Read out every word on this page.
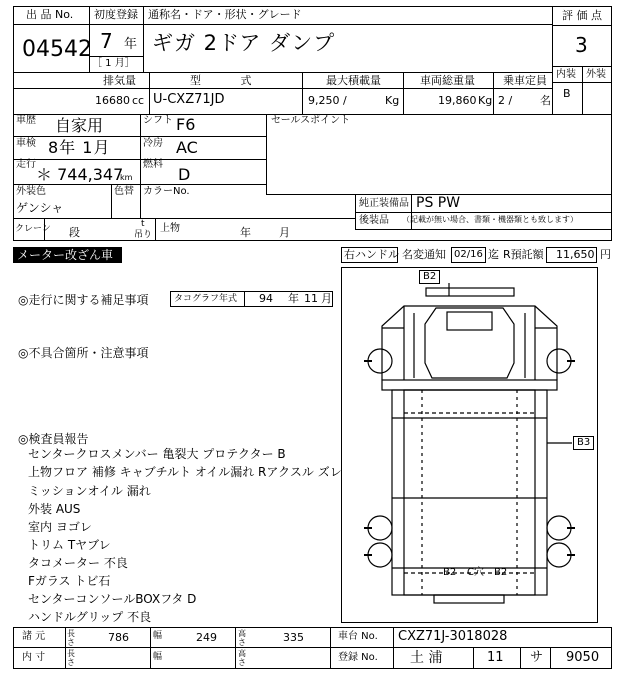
出 品 No.
04542
初度登録
7 年
［ 1 月］
通称名・ドア・形状・グレード
ギガ 2ドア ダンプ
評 価 点
3
内装 外装
B
排気量	型 式	最大積載量	車両総重量	乗車定員
16680 cc U-CXZ71JD	9,250 /	Kg	19,860 Kg 2 /	名
車歴 自家用	シフト F6
車検 8年 1月	冷房 AC
走行
＊ 744,347
km
燃料
D
外装色
ゲンシャ
色替 カラーNo.
セールスポイント
純正装備品 PS PW
後装品 （記載が無い場合、書類・機器類とも致します）
クレーン 段
t
吊り
上物	年	月
メーター改ざん車	右ハンドル 名変通知 02/16 迄 R預託額 11,650 円
◎走行に関する補足事項	タコグラフ年式 94 年 11 月
◎不具合箇所・注意事項
◎検査員報告
センタークロスメンバー 亀裂大 プロテクター B
上物フロア 補修 キャブチルト オイル漏れ Rアクスル ズレ
ミッションオイル 漏れ
外装 AUS
室内 ヨゴレ
トリム Tヤブレ
タコメーター 不良
Fガラス トビ石
センターコンソールBOXフタ D
ハンドルグリップ 不良
B2
B3
B2 C穴 B2
諸 元	長さ	786	幅	249	高さ	335
内 寸	長さ
幅	高さ
車台 No. CXZ71J-3018028
登録 No. 土 浦	11 サ 9050
